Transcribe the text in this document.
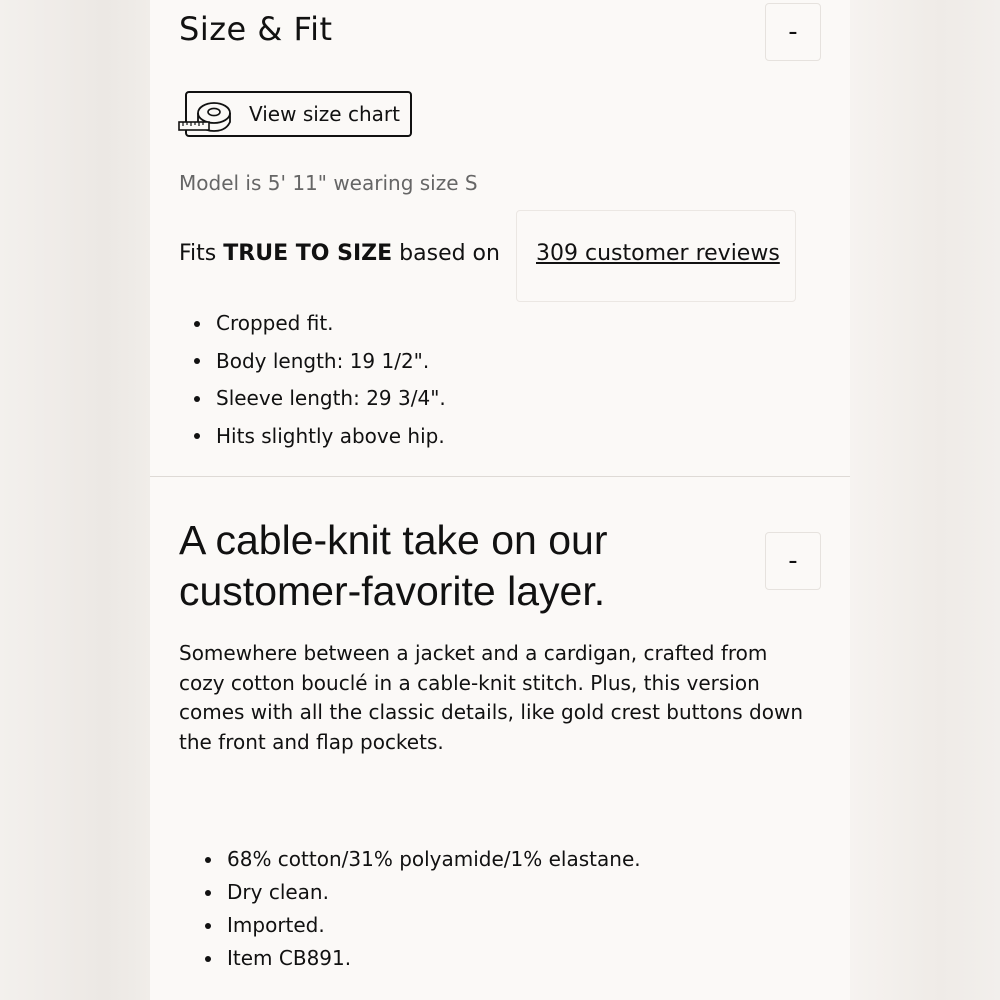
Size & Fit	-
View size chart
Model is 5' 11" wearing size S
Fits TRUE TO SIZE based on 309 customer reviews
Cropped fit.
Body length: 19 1/2".
Sleeve length: 29 3/4".
Hits slightly above hip.
A cable-knit take on our customer-favorite layer.
-

Somewhere between a jacket and a cardigan, crafted from cozy cotton bouclé in a cable-knit stitch. Plus, this version comes with all the classic details, like gold crest buttons down the front and flap pockets.

68% cotton/31% polyamide/1% elastane.
Dry clean.
Imported.
Item CB891.
